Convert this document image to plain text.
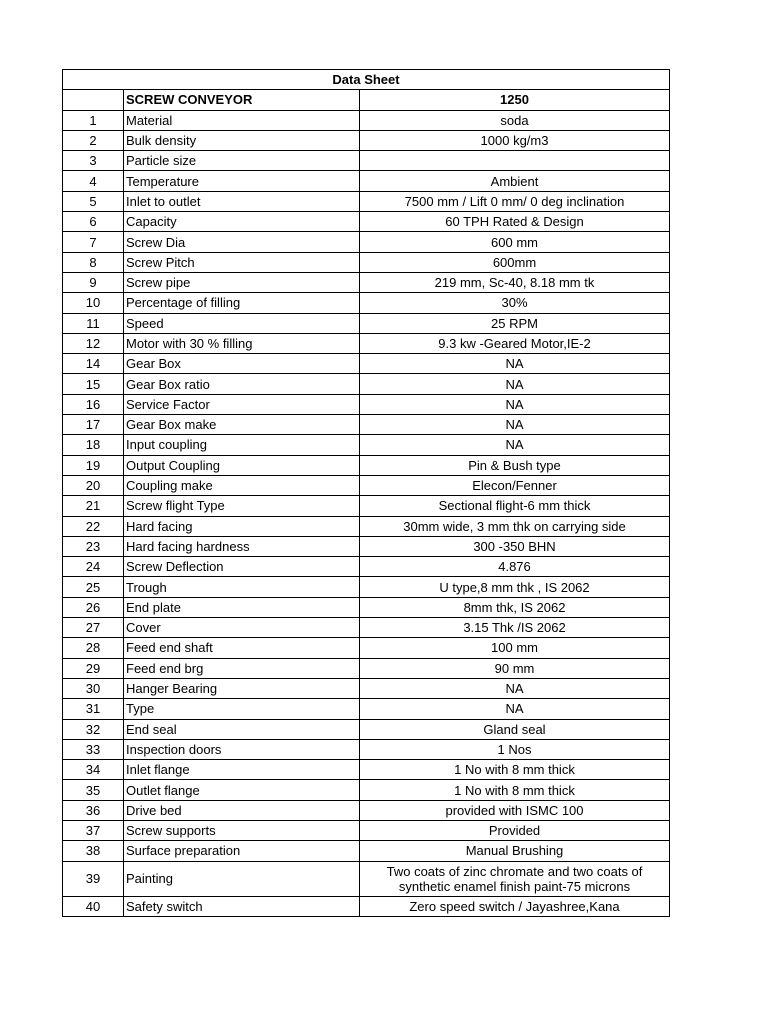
Data Sheet		
	SCREW CONVEYOR	1250
1	Material	soda
2	Bulk density	1000 kg/m3
3	Particle size	
4	Temperature	Ambient
5	Inlet to outlet	7500 mm / Lift 0 mm/ 0 deg inclination
6	Capacity	60 TPH Rated & Design
7	Screw Dia	600 mm
8	Screw Pitch	600mm
9	Screw pipe	219 mm, Sc-40, 8.18 mm tk
10	Percentage of filling	30%
11	Speed	25 RPM
12	Motor with 30 % filling	9.3 kw -Geared Motor,IE-2
14	Gear Box	NA
15	Gear Box ratio	NA
16	Service Factor	NA
17	Gear Box make	NA
18	Input coupling	NA
19	Output Coupling	Pin & Bush type
20	Coupling make	Elecon/Fenner
21	Screw flight Type	Sectional flight-6 mm thick
22	Hard facing	30mm wide, 3 mm thk on carrying side
23	Hard facing hardness	300 -350 BHN
24	Screw Deflection	4.876
25	Trough	U type,8 mm thk , IS 2062
26	End plate	8mm thk, IS 2062
27	Cover	3.15 Thk /IS 2062
28	Feed end shaft	100 mm
29	Feed end brg	90 mm
30	Hanger Bearing	NA
31	Type	NA
32	End seal	Gland seal
33	Inspection doors	1 Nos
34	Inlet flange	1 No with 8 mm thick
35	Outlet flange	1 No with 8 mm thick
36	Drive bed	provided with ISMC 100
37	Screw supports	Provided
38	Surface preparation	Manual Brushing
39	Painting	Two coats of zinc chromate and two coats of synthetic enamel finish paint-75 microns
40	Safety switch	Zero speed switch / Jayashree,Kana
